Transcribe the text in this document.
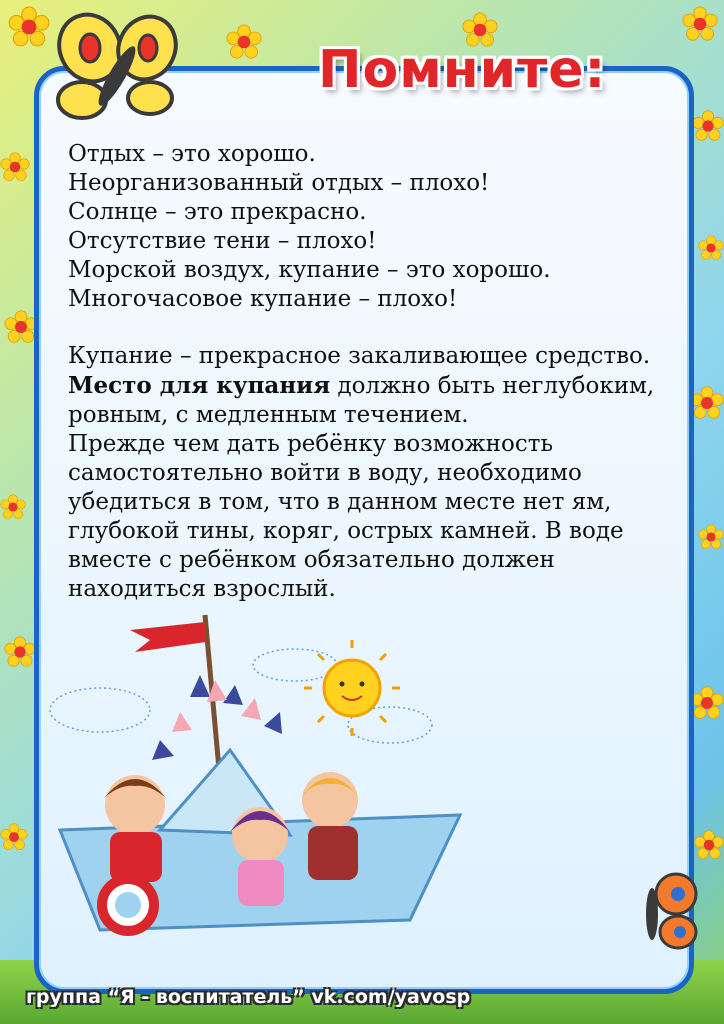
Помните:

Отдых – это хорошо.

Неорганизованный отдых – плохо!

Солнце – это прекрасно.

Отсутствие тени – плохо!

Морской воздух, купание – это хорошо.

Многочасовое купание – плохо!

Купание – прекрасное закаливающее средство.

Место для купания должно быть неглубоким, ровным, с медленным течением.

Прежде чем дать ребёнку возможность самостоятельно войти в воду, необходимо убедиться в том, что в данном месте нет ям, глубокой тины, коряг, острых камней. В воде вместе с ребёнком обязательно должен находиться взрослый.

группа “Я - воспитатель” vk.com/yavosp
